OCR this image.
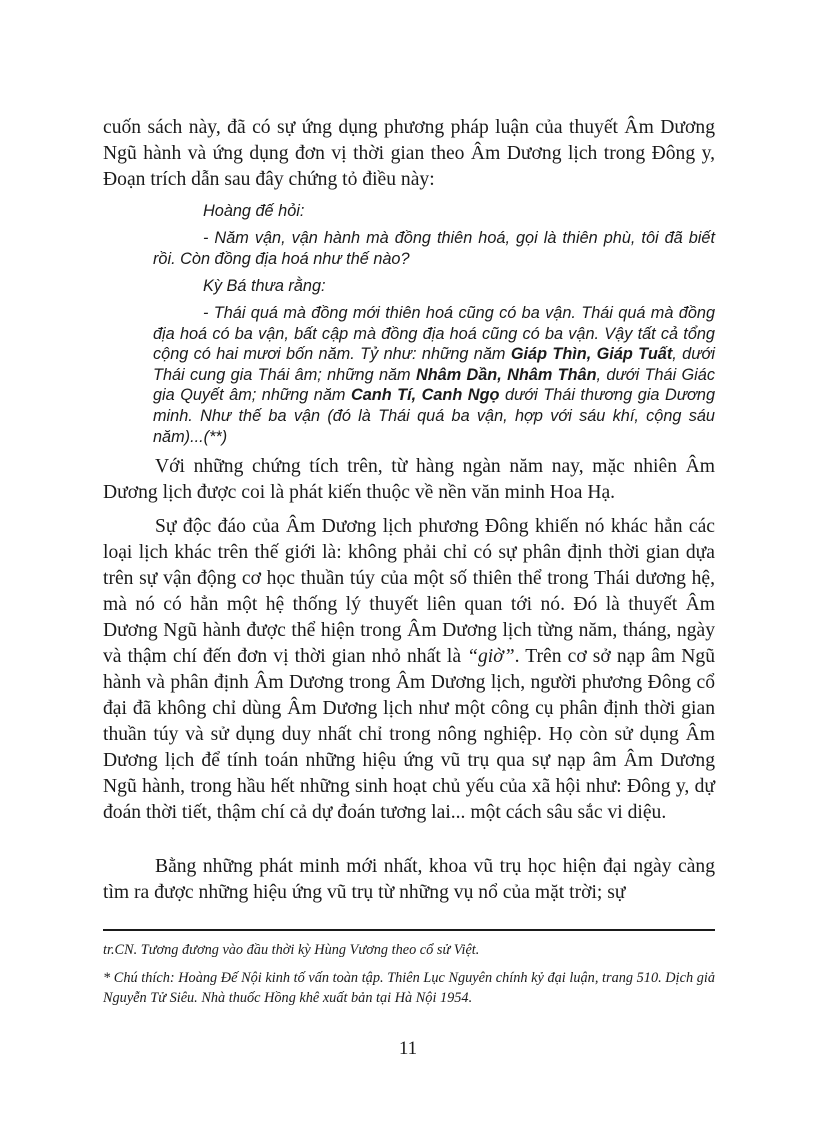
cuốn sách này, đã có sự ứng dụng phương pháp luận của thuyết Âm Dương Ngũ hành và ứng dụng đơn vị thời gian theo Âm Dương lịch trong Đông y, Đoạn trích dẫn sau đây chứng tỏ điều này:

Hoàng đế hỏi:

- Năm vận, vận hành mà đồng thiên hoá, gọi là thiên phù, tôi đã biết rồi. Còn đồng địa hoá như thế nào?

Kỳ Bá thưa rằng:

- Thái quá mà đồng mới thiên hoá cũng có ba vận. Thái quá mà đồng địa hoá có ba vận, bất cập mà đồng địa hoá cũng có ba vận. Vậy tất cả tổng cộng có hai mươi bốn năm. Tỷ như: những năm Giáp Thìn, Giáp Tuất, dưới Thái cung gia Thái âm; những năm Nhâm Dần, Nhâm Thân, dưới Thái Giác gia Quyết âm; những năm Canh Tí, Canh Ngọ dưới Thái thương gia Dương minh. Như thế ba vận (đó là Thái quá ba vận, hợp với sáu khí, cộng sáu năm)...(**)

Với những chứng tích trên, từ hàng ngàn năm nay, mặc nhiên Âm Dương lịch được coi là phát kiến thuộc về nền văn minh Hoa Hạ.

Sự độc đáo của Âm Dương lịch phương Đông khiến nó khác hẳn các loại lịch khác trên thế giới là: không phải chỉ có sự phân định thời gian dựa trên sự vận động cơ học thuần túy của một số thiên thể trong Thái dương hệ, mà nó có hẳn một hệ thống lý thuyết liên quan tới nó. Đó là thuyết Âm Dương Ngũ hành được thể hiện trong Âm Dương lịch từng năm, tháng, ngày và thậm chí đến đơn vị thời gian nhỏ nhất là “giờ”. Trên cơ sở nạp âm Ngũ hành và phân định Âm Dương trong Âm Dương lịch, người phương Đông cổ đại đã không chỉ dùng Âm Dương lịch như một công cụ phân định thời gian thuần túy và sử dụng duy nhất chỉ trong nông nghiệp. Họ còn sử dụng Âm Dương lịch để tính toán những hiệu ứng vũ trụ qua sự nạp âm Âm Dương Ngũ hành, trong hầu hết những sinh hoạt chủ yếu của xã hội như: Đông y, dự đoán thời tiết, thậm chí cả dự đoán tương lai... một cách sâu sắc vi diệu.

Bằng những phát minh mới nhất, khoa vũ trụ học hiện đại ngày càng tìm ra được những hiệu ứng vũ trụ từ những vụ nổ của mặt trời; sự

tr.CN. Tương đương vào đầu thời kỳ Hùng Vương theo cổ sử Việt.

* Chú thích: Hoàng Đế Nội kinh tố vấn toàn tập. Thiên Lục Nguyên chính kỷ đại luận, trang 510. Dịch giả Nguyễn Tử Siêu. Nhà thuốc Hồng khê xuất bản tại Hà Nội 1954.

11
